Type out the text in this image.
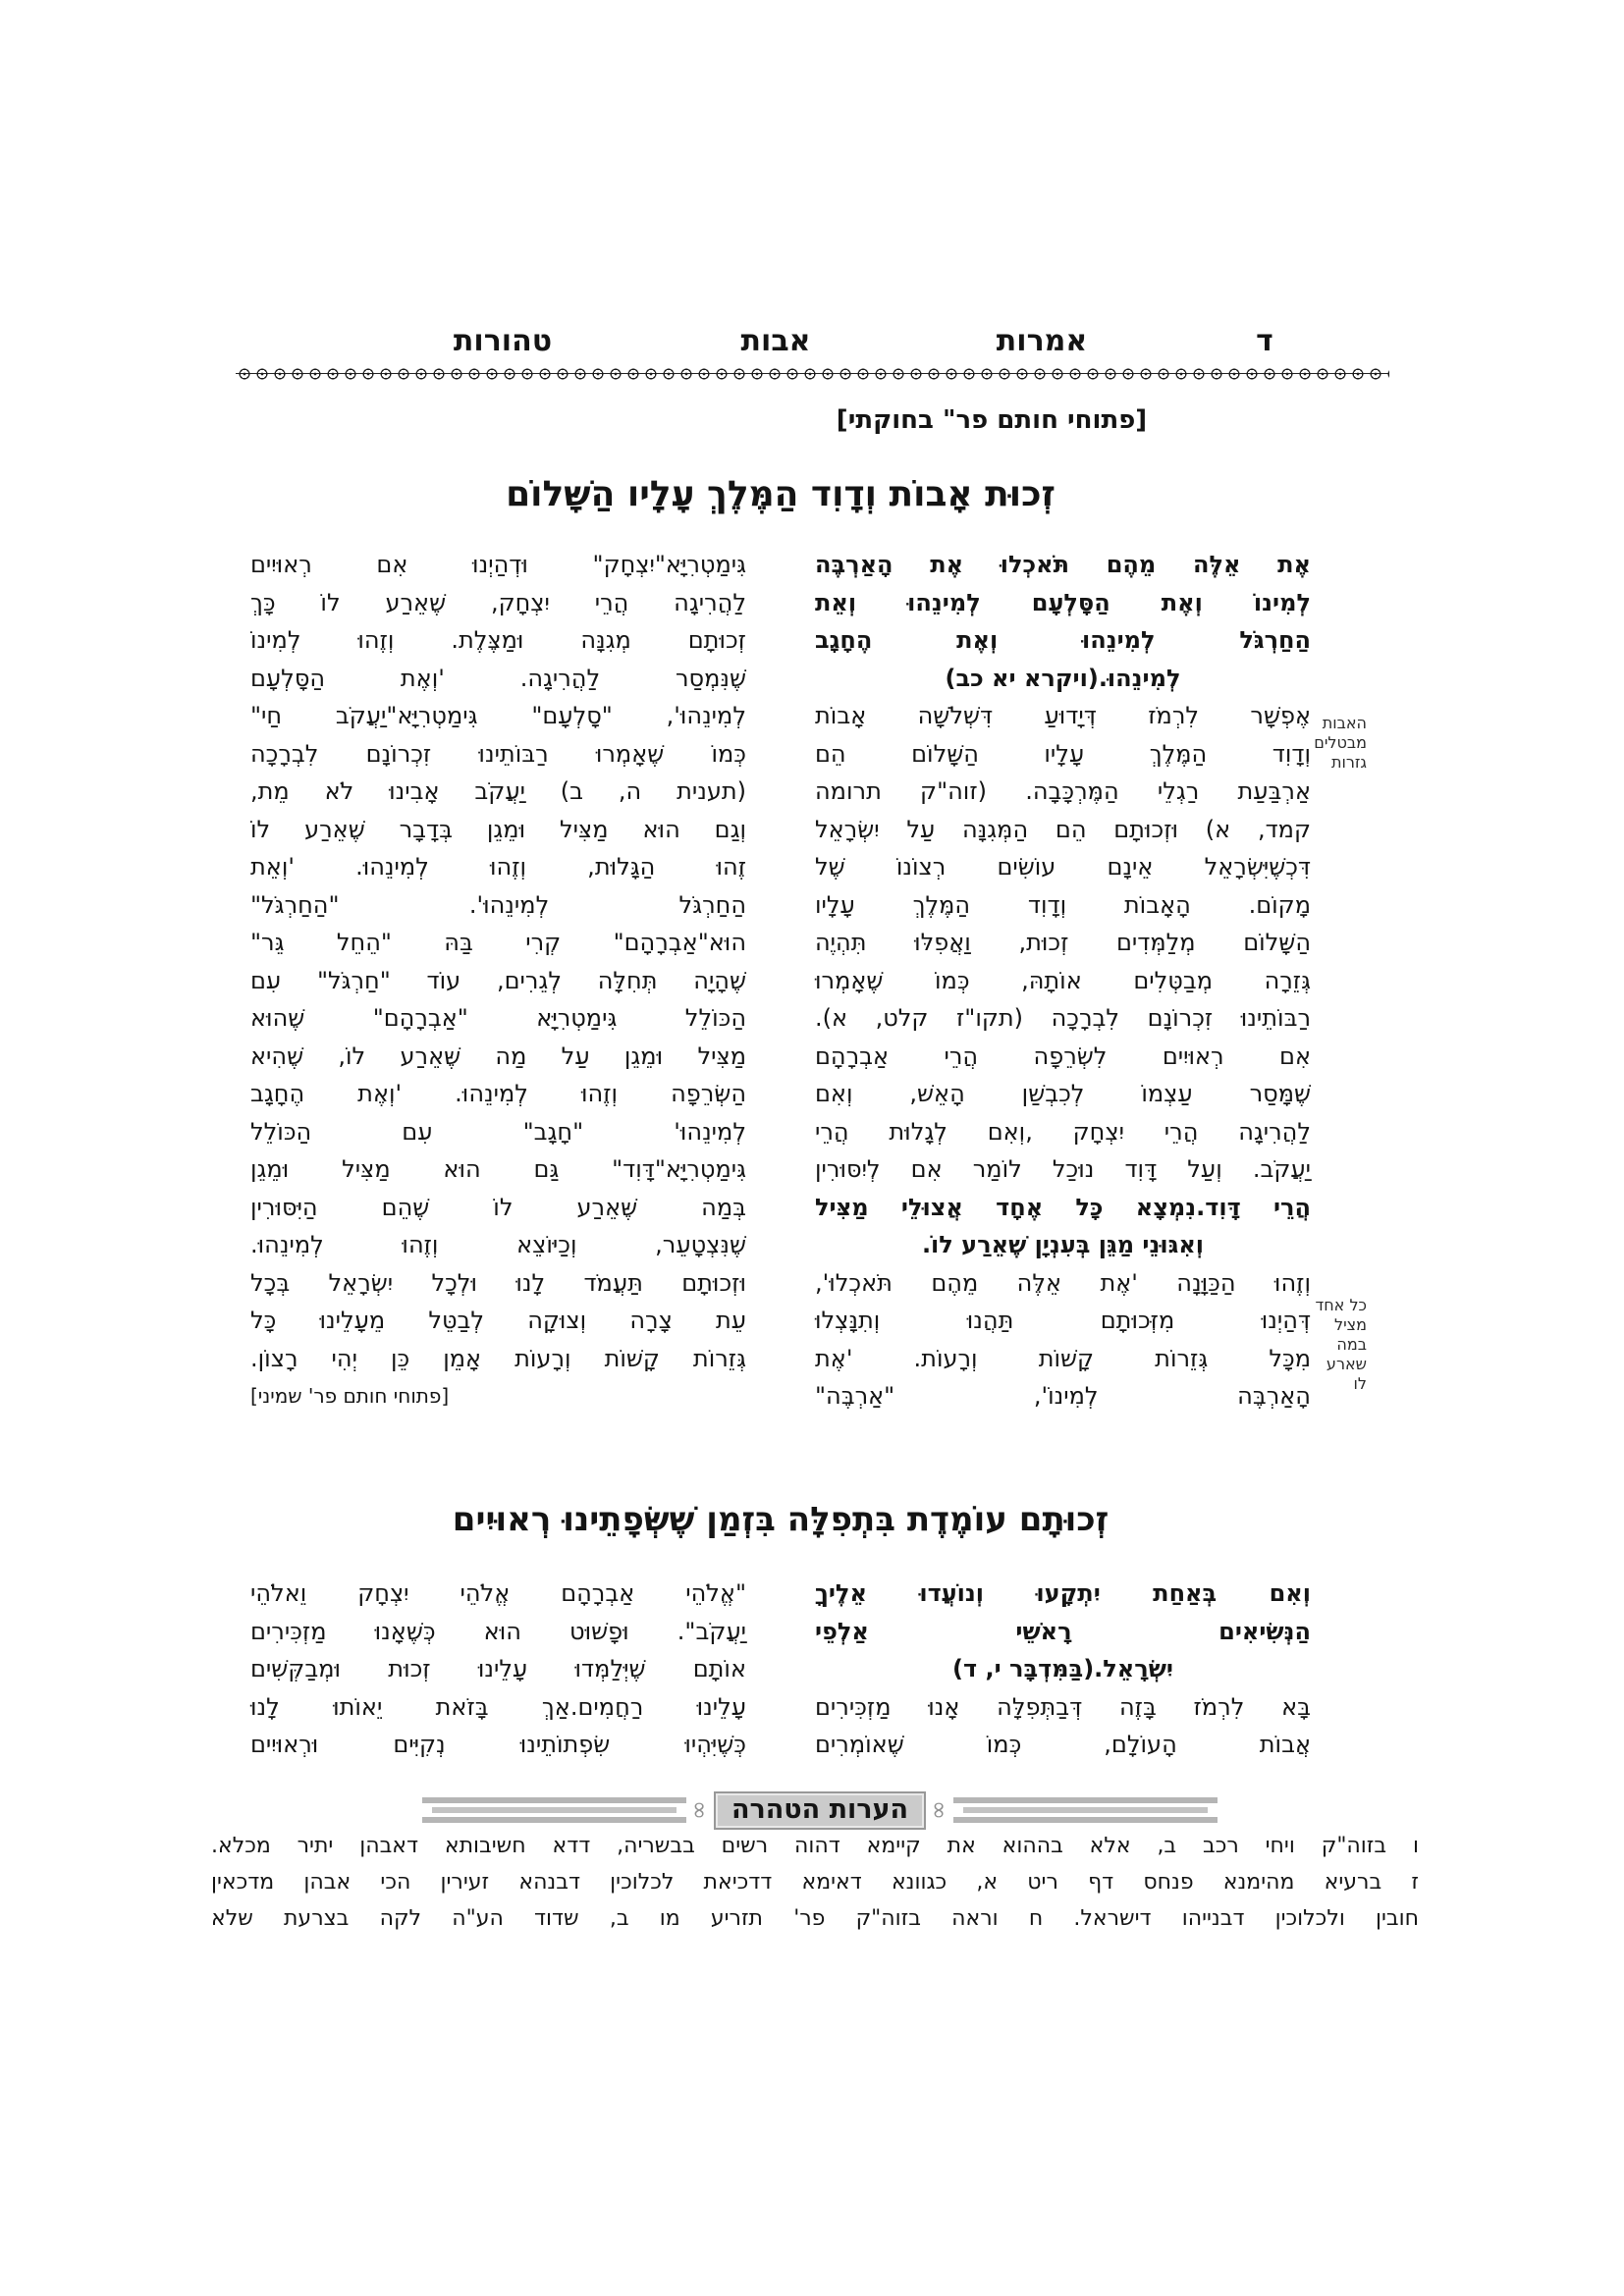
ד
אמרות
אבות
טהורות
[פתוחי חותם פר" בחוקתי]
זְכוּת אָבוֹת וְדָוִד הַמֶּלֶךְ עָלָיו הַשָּׁלוֹם
אֶת אֵלֶּה מֵהֶם תֹּאכְלוּ אֶת הָאַרְבֶּה
לְמִינוֹ וְאֶת הַסָּלְעָם לְמִינֵהוּ וְאֵת
הַחַרְגֹּל לְמִינֵהוּ וְאֶת הֶחָגָב
לְמִינֵהוּ.(ויקרא יא כב)
אֶפְשָׁר לִרְמֹז דְּיָדוּעַ דִּשְׁלֹשָׁה אָבוֹת
וְדָוִד הַמֶּלֶךְ עָלָיו הַשָּׁלוֹם הֵם
אַרְבַּעַת רַגְלֵי הַמֶּרְכָּבָה. (זוה"ק תרומה
קמד, א) וּזְכוּתָם הֵם הַמְּגִנָּה עַל יִשְׂרָאֵל
דִּכְשֶׁיִּשְׂרָאֵל אֵינָם עוֹשִׂים רְצוֹנוֹ שֶׁל
מָקוֹם. הָאָבוֹת וְדָוִד הַמֶּלֶךְ עָלָיו
הַשָּׁלוֹם מְלַמְּדִים זְכוּת, וַאֲפִלּוּ תִּהְיֶה
גְּזֵרָה מְבַטְּלִים אוֹתָהּ, כְּמוֹ שֶׁאָמְרוּ
רַבּוֹתֵינוּ זִכְרוֹנָם לִבְרָכָה (תקו"ז קלט, א).
אִם רְאוּיִים לִשְׂרֵפָה הֲרֵי אַבְרָהָם
שֶׁמָּסַר עַצְמוֹ לְכִבְשַׁן הָאֵשׁ, וְאִם
לַהֲרִיגָה הֲרֵי יִצְחָק ,וְאִם לְגָלוּת הֲרֵי
יַעֲקֹב. וְעַל דָּוִד נוּכַל לוֹמַר אִם לְיִסּוּרִין
הֲרֵי דָּוִד.נִמְצָא כָּל אֶחָד אֲצוּלֵי מַצִּיל
וְאִגּוּנֵי מַגֵּן בְּעִנְיָן שֶׁאֵרַע לוֹ.
וְזֶהוּ הַכַּוָּנָה 'אֶת אֵלֶּה מֵהֶם תֹּאכְלוּ',
דְּהַיְנוּ מִזְּכוּתָם תַּהֲנוּ וְתִנָּצְלוּ
מִכָּל גְּזֵרוֹת קָשׁוֹת וְרָעוֹת. 'אֶת
הָאַרְבֶּה לְמִינוֹ', "אַרְבֶּה"
גִּימַטְרִיָּא"יִצְחָק" וּדְהַיְנוּ אִם רְאוּיִים
לַהֲרִיגָה הֲרֵי יִצְחָק, שֶׁאֵרַע לוֹ כָּךְ
זְכוּתָם מְגִנָּה וּמַצֶּלֶת. וְזֶהוּ לְמִינוֹ
שֶׁנִּמְסַר לַהֲרִיגָה. 'וְאֶת הַסָּלְעָם
לְמִינֵהוּ', "סָלְעָם" גִּימַטְרִיָּא"יַעֲקֹב חַי"
כְּמוֹ שֶׁאָמְרוּ רַבּוֹתֵינוּ זִכְרוֹנָם לִבְרָכָה
(תענית ה, ב) יַעֲקֹב אָבִינוּ לֹא מֵת,
וְגַם הוּא מַצִּיל וּמֵגֵן בְּדָבָר שֶׁאֵרַע לוֹ
זֶהוּ הַגָּלוּת, וְזֶהוּ לְמִינֵהוּ. 'וְאֵת
הַחַרְגֹּל לְמִינֵהוּ'. "הַחַרְגֹּל"
הוּא"אַבְרָהָם" קְרִי בַּהּ "הֵחֵל גֵּר"
שֶׁהָיָה תְּחִלָּה לְגֵרִים, עוֹד "חַרְגֹּל" עִם
הַכּוֹלֵל גִּימַטְרִיָּא "אַבְרָהָם" שֶׁהוּא
מַצִּיל וּמֵגֵן עַל מַה שֶּׁאֵרַע לוֹ, שֶׁהִיא
הַשְּׂרֵפָה וְזֶהוּ לְמִינֵהוּ. 'וְאֶת הֶחָגָב
לְמִינֵהוּ' "חָגָב" עִם הַכּוֹלֵל
גִּימַטְרִיָּא"דָּוִד" גַּם הוּא מַצִּיל וּמֵגֵן
בְּמַה שֶּׁאֵרַע לוֹ שֶׁהֵם הַיִּסּוּרִין
שֶׁנִּצְטָעֵר, וְכַיּוֹצֵא וְזֶהוּ לְמִינֵהוּ.
וּזְכוּתָם תַּעֲמֹד לָנוּ וּלְכָל יִשְׂרָאֵל בְּכָל
עֵת צָרָה וְצוּקָה לְבַטֵּל מֵעָלֵינוּ כָּל
גְּזֵרוֹת קָשׁוֹת וְרָעוֹת אָמֵן כֵּן יְהִי רָצוֹן.
[פתוחי חותם פר' שמיני]
האבות
מבטלים
גזרות
כל אחד
מציל
במה
שארע
לו
זְכוּתָם עוֹמֶדֶת בִּתְפִלָּה בִּזְמַן שֶׁשְּׂפָתֵינוּ רְאוּיִים
וְאִם בְּאַחַת יִתְקָעוּ וְנוֹעֲדוּ אֵלֶיךָ
הַנְּשִׂיאִים רָאשֵׁי אַלְפֵי
יִשְׂרָאֵל.(בַּמִּדְבָּר י, ד)
בָּא לִרְמֹז בָּזֶה דְּבַתְּפִלָּה אָנוּ מַזְכִּירִים
אֲבוֹת הָעוֹלָם, כְּמוֹ שֶׁאוֹמְרִים
"אֱלֹהֵי אַבְרָהָם אֱלֹהֵי יִצְחָק וֵאלֹהֵי
יַעֲקֹב". וּפָשׁוּט הוּא כְּשֶׁאָנוּ מַזְכִּירִים
אוֹתָם שֶׁיְּלַמְּדוּ עָלֵינוּ זְכוּת וּמְבַקְּשִׁים
עָלֵינוּ רַחֲמִים.אַךְ בָּזֹאת יֵאוֹתוּ לָנוּ
כְּשֶׁיִּהְיוּ שִׂפְתוֹתֵינוּ נְקִיִּים וּרְאוּיִים
∞ הערות הטהרה ∞
ו בזוה"ק ויחי רכב ב, אלא בההוא את קיימא דהוה רשים בבשריה, דדא חשיבותא דאבהן יתיר מכלא.
ז ברעיא מהימנא פנחס דף ריט א, כגוונא דאימא דדכיאת לכלוכין דבנהא זעירין הכי אבהן מדכאין
חובין ולכלוכין דבנייהו דישראל. ח וראה בזוה"ק פר' תזריע מו ב, שדוד הע"ה לקה בצרעת שלא
